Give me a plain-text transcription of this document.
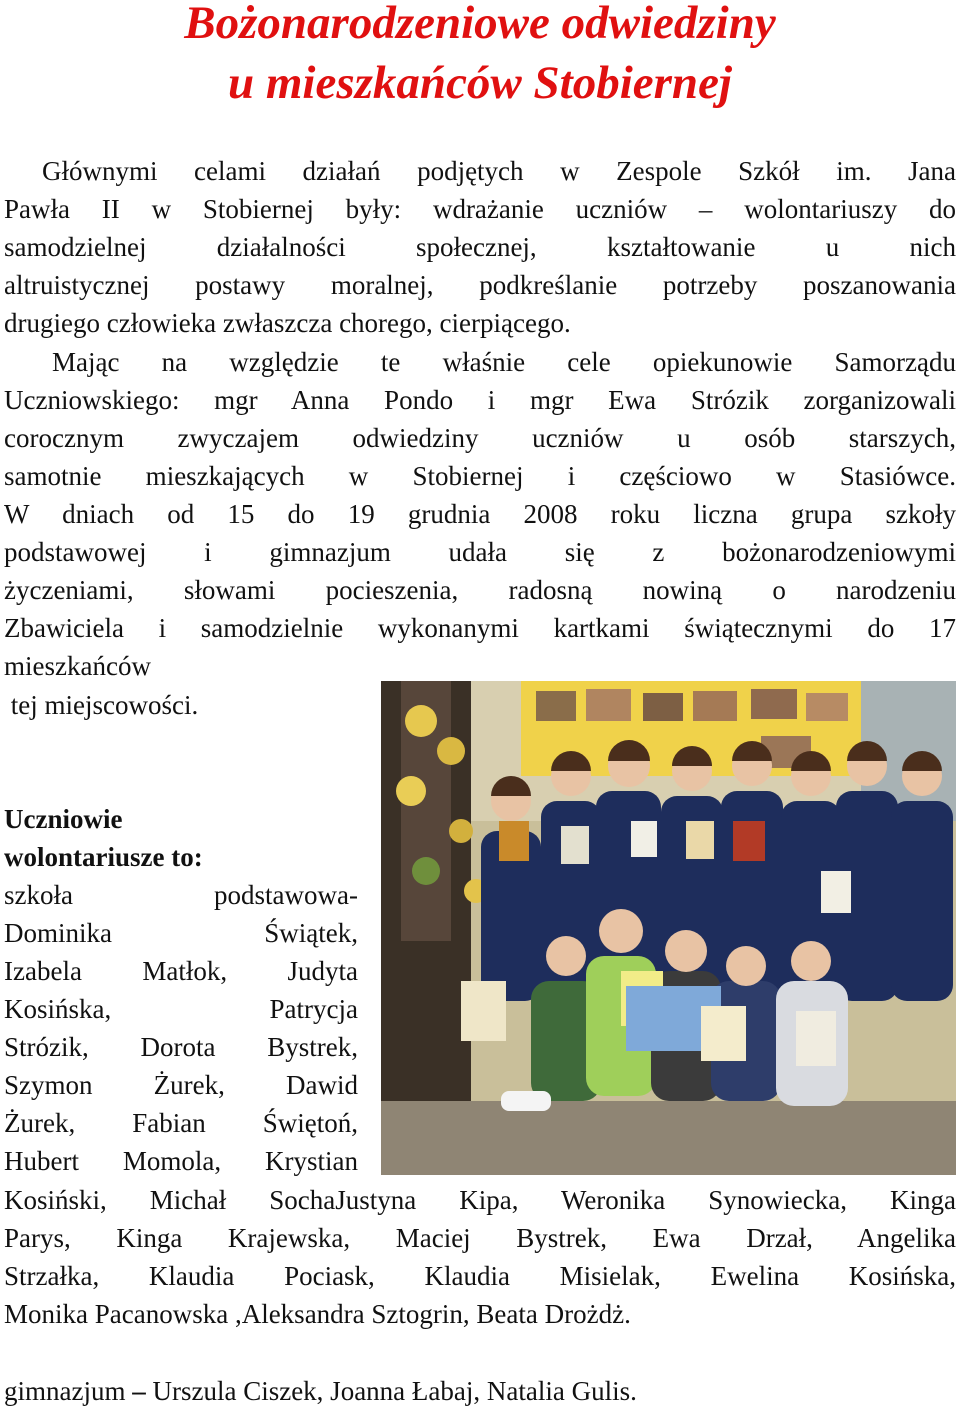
Bożonarodzeniowe odwiedziny
u mieszkańców Stobiernej

Głównymi celami działań podjętych w Zespole Szkół im. Jana

Pawła II w Stobiernej były: wdrażanie uczniów – wolontariuszy do

samodzielnej działalności społecznej, kształtowanie u nich

altruistycznej postawy moralnej, podkreślanie potrzeby poszanowania

drugiego człowieka zwłaszcza chorego, cierpiącego.

Mając na względzie te właśnie cele opiekunowie Samorządu

Uczniowskiego: mgr Anna Pondo i mgr Ewa Strózik zorganizowali

corocznym zwyczajem odwiedziny uczniów u osób starszych,

samotnie mieszkających w Stobiernej i częściowo w Stasiówce.

W dniach od 15 do 19 grudnia 2008 roku liczna grupa szkoły

podstawowej i gimnazjum udała się z bożonarodzeniowymi

życzeniami, słowami pocieszenia, radosną nowiną o narodzeniu

Zbawiciela i samodzielnie wykonanymi kartkami świątecznymi do 17

mieszkańców

tej miejscowości.

Uczniowie

wolontariusze to:

szkoła podstawowa-

Dominika Świątek,

Izabela Matłok, Judyta

Kosińska, Patrycja

Strózik, Dorota Bystrek,

Szymon Żurek, Dawid

Żurek, Fabian Świętoń,

Hubert Momola, Krystian

Kosiński, Michał SochaJustyna Kipa, Weronika Synowiecka, Kinga

Parys, Kinga Krajewska, Maciej Bystrek, Ewa Drzał, Angelika

Strzałka, Klaudia Pociask, Klaudia Misielak, Ewelina Kosińska,

Monika Pacanowska ,Aleksandra Sztogrin, Beata Drożdż.

gimnazjum – Urszula Ciszek, Joanna Łabaj, Natalia Gulis.
